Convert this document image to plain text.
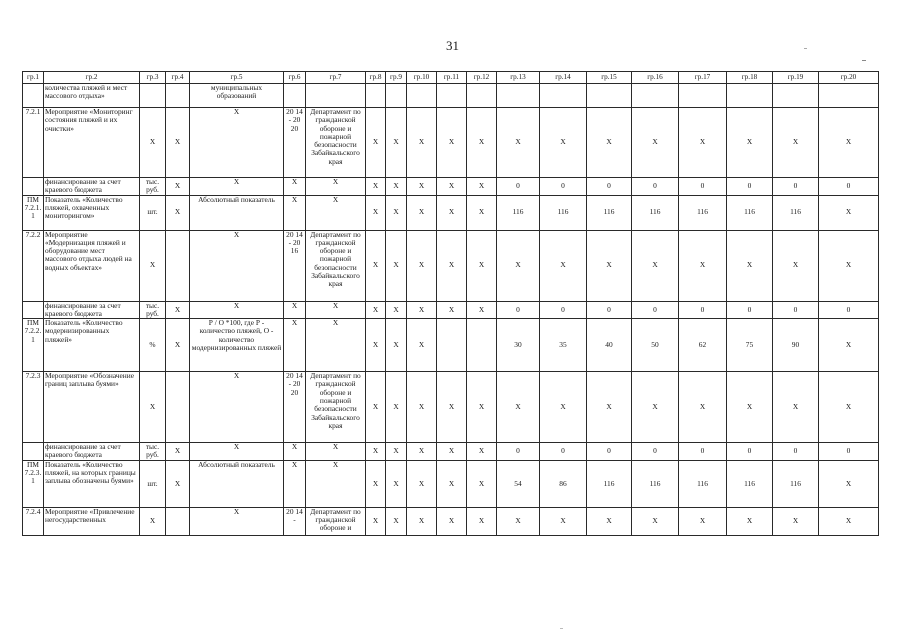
31
гр.1	гр.2	гр.3	гр.4	гр.5	гр.6	гр.7	гр.8	гр.9	гр.10	гр.11	гр.12	гр.13	гр.14	гр.15	гр.16	гр.17	гр.18	гр.19	гр.20
	количества пляжей и мест массового отдыха»			муниципальных образований															
7.2.1	Мероприятие «Мониторинг состояния пляжей и их очистки»	Х	Х	Х	20 14 - 20 20	Департамент по гражданской обороне и пожарной безопасности Забайкальского края	Х	Х	Х	Х	Х	Х	Х	Х	Х	Х	Х	Х	Х
	финансирование за счет краевого бюджета	тыс. руб.	Х	Х	Х	Х	Х	Х	Х	Х	Х	0	0	0	0	0	0	0	0
ПМ 7.2.1. 1	Показатель «Количество пляжей, охваченных мониторингом»	шт.	Х	Абсолютный показатель	Х	Х	Х	Х	Х	Х	Х	116	116	116	116	116	116	116	Х
7.2.2	Мероприятие «Модернизация пляжей и оборудование мест массового отдыха людей на водных объектах»	Х		Х	20 14 - 20 16	Департамент по гражданской обороне и пожарной безопасности Забайкальского края	Х	Х	Х	Х	Х	Х	Х	Х	Х	Х	Х	Х	Х
	финансирование за счет краевого бюджета	тыс. руб.	Х	Х	Х	Х	Х	Х	Х	Х	Х	0	0	0	0	0	0	0	0
ПМ 7.2.2. 1	Показатель «Количество модернизированных пляжей»	%	Х	Р / О *100, где Р - количество пляжей, О - количество модернизированных пляжей	Х	Х	Х	Х	Х			30	35	40	50	62	75	90	Х
7.2.3	Мероприятие «Обозначение границ заплыва буями»	Х		Х	20 14 - 20 20	Департамент по гражданской обороне и пожарной безопасности Забайкальского края	Х	Х	Х	Х	Х	Х	Х	Х	Х	Х	Х	Х	Х
	финансирование за счет краевого бюджета	тыс. руб.	Х	Х	Х	Х	Х	Х	Х	Х	Х	0	0	0	0	0	0	0	0
ПМ 7.2.3. 1	Показатель «Количество пляжей, на которых границы заплыва обозначены буями»	шт.	Х	Абсолютный показатель	Х	Х	Х	Х	Х	Х	Х	54	86	116	116	116	116	116	Х
7.2.4	Мероприятие «Привлечение негосударственных	Х		Х	20 14 -	Департамент по гражданской обороне и	Х	Х	Х	Х	Х	Х	Х	Х	Х	Х	Х	Х	Х
